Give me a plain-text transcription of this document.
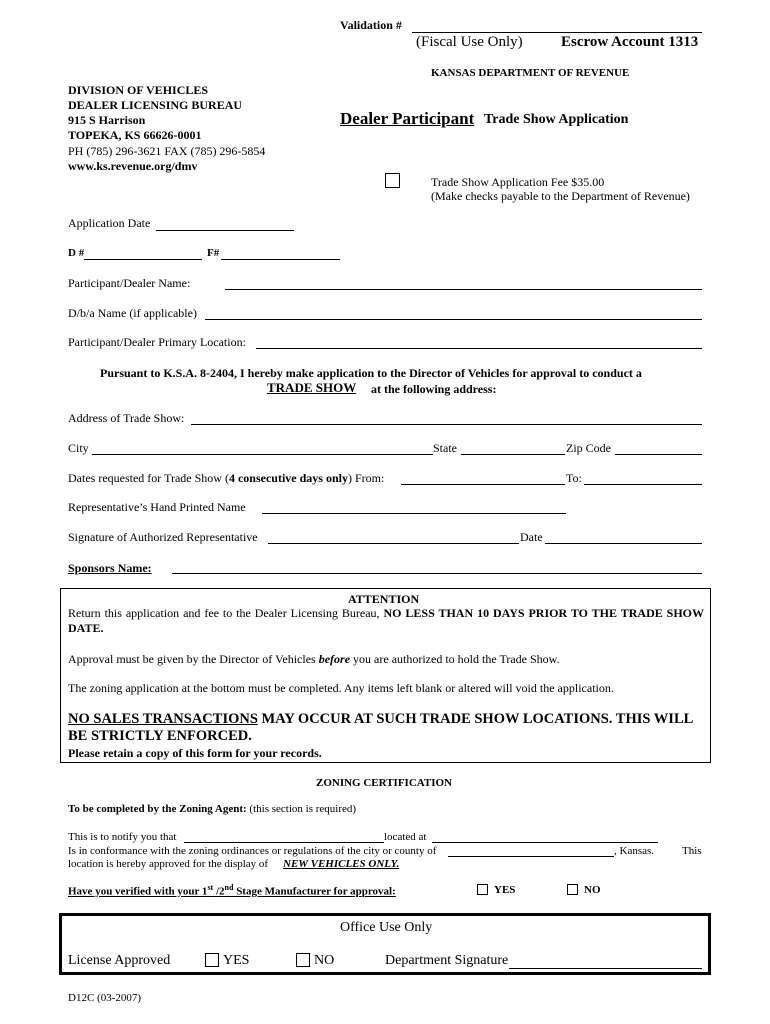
Validation #
(Fiscal Use Only)	Escrow Account 1313
KANSAS DEPARTMENT OF REVENUE
DIVISION OF VEHICLES
DEALER LICENSING BUREAU
915 S Harrison
TOPEKA, KS 66626-0001
PH (785) 296-3621 FAX (785) 296-5854
www.ks.revenue.org/dmv
Dealer Participant Trade Show Application
Trade Show Application Fee $35.00
(Make checks payable to the Department of Revenue)
Application Date
D #	F#
Participant/Dealer Name:
D/b/a Name (if applicable)
Participant/Dealer Primary Location:
Pursuant to K.S.A. 8-2404, I hereby make application to the Director of Vehicles for approval to conduct a
TRADE SHOW at the following address:
Address of Trade Show:
City	State	Zip Code
Dates requested for Trade Show (4 consecutive days only) From:	To:
Representative’s Hand Printed Name
Signature of Authorized Representative	Date
Sponsors Name:
ATTENTION
Return this application and fee to the Dealer Licensing Bureau, NO LESS THAN 10 DAYS PRIOR TO THE TRADE SHOW DATE.
Approval must be given by the Director of Vehicles before you are authorized to hold the Trade Show.
The zoning application at the bottom must be completed. Any items left blank or altered will void the application.
NO SALES TRANSACTIONS MAY OCCUR AT SUCH TRADE SHOW LOCATIONS. THIS WILL BE STRICTLY ENFORCED.
Please retain a copy of this form for your records.
ZONING CERTIFICATION
To be completed by the Zoning Agent: (this section is required)
This is to notify you that	located at
Is in conformance with the zoning ordinances or regulations of the city or county of	, Kansas.	This
location is hereby approved for the display of NEW VEHICLES ONLY.
Have you verified with your 1st /2nd Stage Manufacturer for approval:	YES	NO
Office Use Only
License Approved	YES	NO	Department Signature
D12C (03-2007)
